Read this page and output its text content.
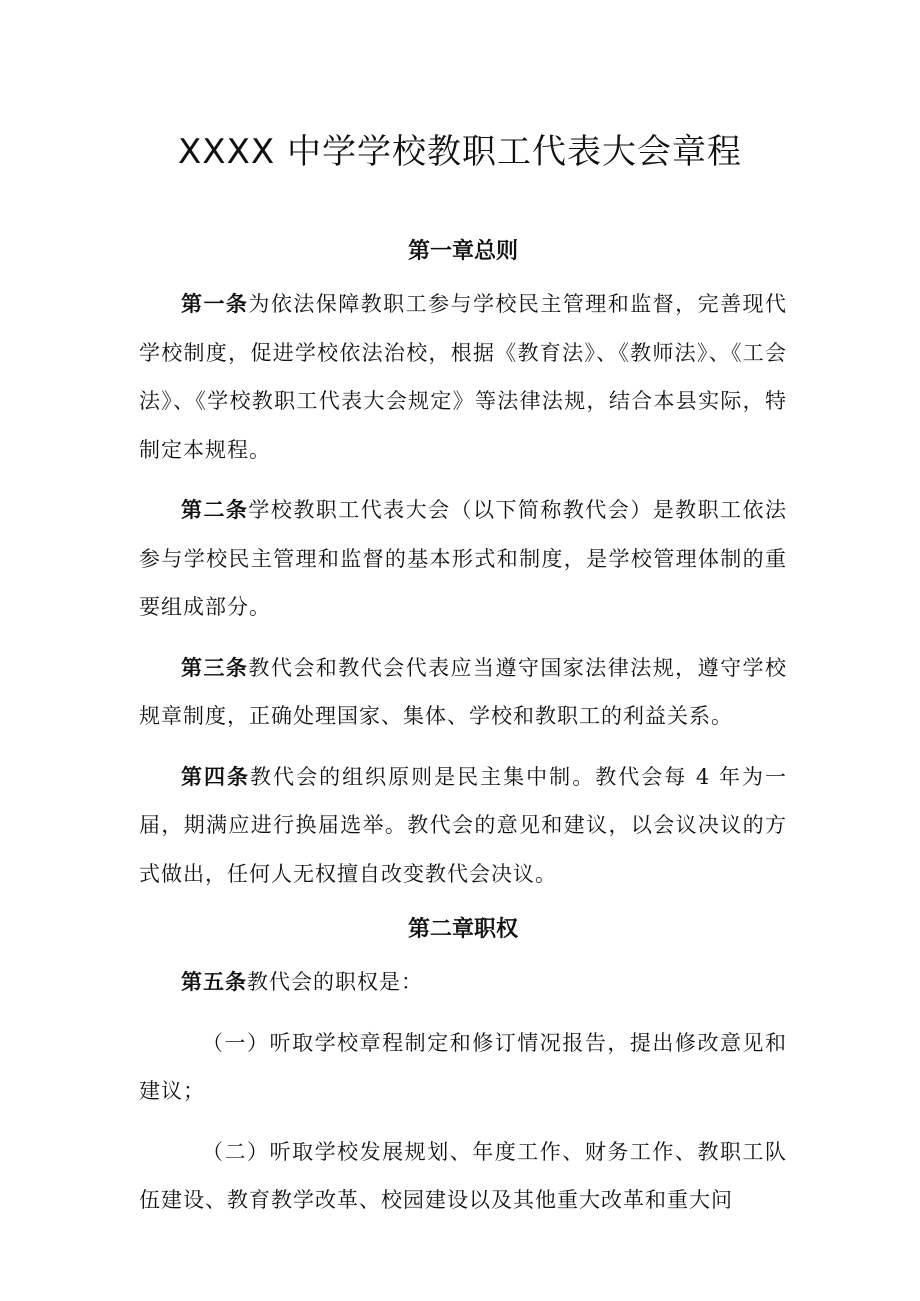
XXXX 中学学校教职工代表大会章程
第一章总则

第一条为依法保障教职工参与学校民主管理和监督，完善现代学校制度，促进学校依法治校，根据《教育法》、《教师法》、《工会法》、《学校教职工代表大会规定》等法律法规，结合本县实际，特制定本规程。

第二条学校教职工代表大会（以下简称教代会）是教职工依法参与学校民主管理和监督的基本形式和制度，是学校管理体制的重要组成部分。

第三条教代会和教代会代表应当遵守国家法律法规，遵守学校规章制度，正确处理国家、集体、学校和教职工的利益关系。

第四条教代会的组织原则是民主集中制。教代会每 4 年为一届，期满应进行换届选举。教代会的意见和建议，以会议决议的方式做出，任何人无权擅自改变教代会决议。

第二章职权

第五条教代会的职权是：

（一）听取学校章程制定和修订情况报告，提出修改意见和建议；

（二）听取学校发展规划、年度工作、财务工作、教职工队伍建设、教育教学改革、校园建设以及其他重大改革和重大问
